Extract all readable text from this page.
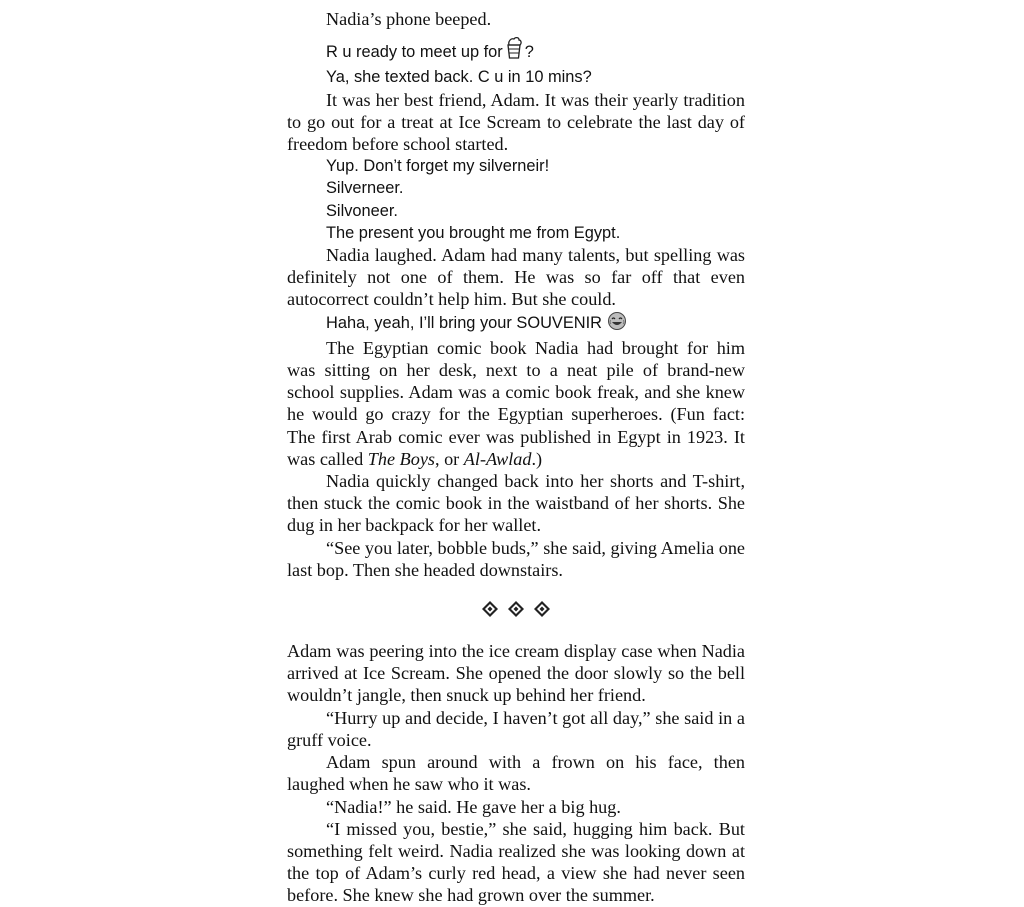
Nadia’s phone beeped.

R u ready to meet up for ?
Ya, she texted back. C u in 10 mins?

It was her best friend, Adam. It was their yearly tradition to go out for a treat at Ice Scream to celebrate the last day of freedom before school started.

Yup. Don’t forget my silverneir!
Silverneer.
Silvoneer.
The present you brought me from Egypt.

Nadia laughed. Adam had many talents, but spelling was definitely not one of them. He was so far off that even autocorrect couldn’t help him. But she could.

Haha, yeah, I’ll bring your SOUVENIR

The Egyptian comic book Nadia had brought for him was sitting on her desk, next to a neat pile of brand-new school supplies. Adam was a comic book freak, and she knew he would go crazy for the Egyptian superheroes. (Fun fact: The first Arab comic ever was published in Egypt in 1923. It was called The Boys, or Al-Awlad.)

Nadia quickly changed back into her shorts and T-shirt, then stuck the comic book in the waistband of her shorts. She dug in her backpack for her wallet.

“See you later, bobble buds,” she said, giving Amelia one last bop. Then she headed downstairs.

Adam was peering into the ice cream display case when Nadia arrived at Ice Scream. She opened the door slowly so the bell wouldn’t jangle, then snuck up behind her friend.

“Hurry up and decide, I haven’t got all day,” she said in a gruff voice.

Adam spun around with a frown on his face, then laughed when he saw who it was.

“Nadia!” he said. He gave her a big hug.

“I missed you, bestie,” she said, hugging him back. But something felt weird. Nadia realized she was looking down at the top of Adam’s curly red head, a view she had never seen before. She knew she had grown over the summer.
